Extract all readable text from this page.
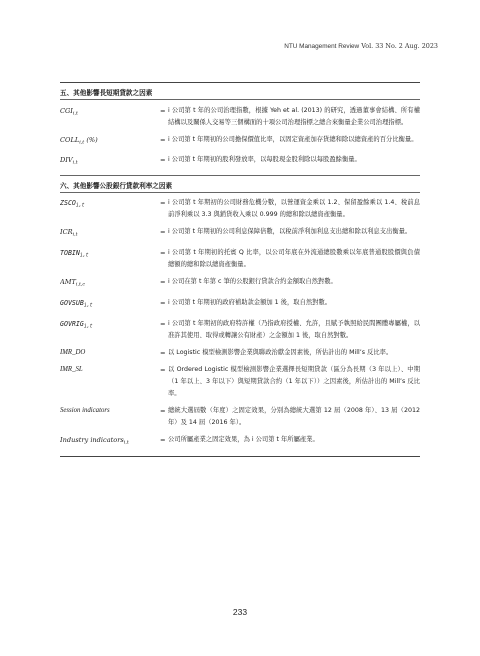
NTU Management Review Vol. 33 No. 2 Aug. 2023
五、其他影響長短期貸款之因素
$CGI_{i,t}$	= i 公司第 t 年的公司治理指數，根據 Yeh et al. (2013) 的研究，透過董事會結構、所有權結構以及關係人交易等三個構面的十項公司治理指標之總合來衡量企業公司治理指標。
$COLL_{i,t}$ (%)	= i 公司第 t 年期初的公司擔保價值比率，以固定資產加存貨總和除以總資產的百分比衡量。
$DIV_{i,t}$	= i 公司第 t 年期初的股利發放率，以每股現金股利除以每股盈餘衡量。
六、其他影響公股銀行貸款利率之因素
$ZSCO_{i,t}$	= i 公司第 t 年期初的公司財務危機分數，以營運資金乘以 1.2、保留盈餘乘以 1.4、稅前息前淨利乘以 3.3 與銷貨收入乘以 0.999 的總和除以總資產衡量。
$ICR_{i,t}$	= i 公司第 t 年期初的公司利息保障倍數，以稅前淨利加利息支出總和除以利息支出衡量。
$TOBIN_{i,t}$	= i 公司第 t 年期初的托賓 Q 比率，以公司年底在外流通總股數乘以年底普通股股價與負債總額的總和除以總資產衡量。
$AMT_{i,t,c}$	= i 公司在第 t 年第 c 筆的公股銀行貸款合約金額取自然對數。
$GOVSUB_{i,t}$	= i 公司第 t 年期初的政府補助款金額加 1 後，取自然對數。
$GOVRIG_{i,t}$	= i 公司第 t 年期初的政府特許權（乃指政府授權、允許，且賦予執照給民間團體專屬權，以准許其使用、取得或轉讓公有財產）之金額加 1 後，取自然對數。
IMR_DO	= 以 Logistic 模型檢測影響企業與聯政治獻金因素後，所估計出的 Mill’s 反比率。
IMR_SL	= 以 Ordered Logistic 模型檢測影響企業選擇長短期貸款（區分為長期（3 年以上）、中期（1 年以上、3 年以下）與短期貸款合約（1 年以下））之因素後，所估計出的 Mill’s 反比率。
Session indicators	= 總統大選屆數（年度）之固定效果，分別為總統大選第 12 屆（2008 年）、13 屆（2012 年）及 14 屆（2016 年）。
Industry indicators$_{i,t}$	= 公司所屬產業之固定效果，為 i 公司第 t 年所屬產業。
233
